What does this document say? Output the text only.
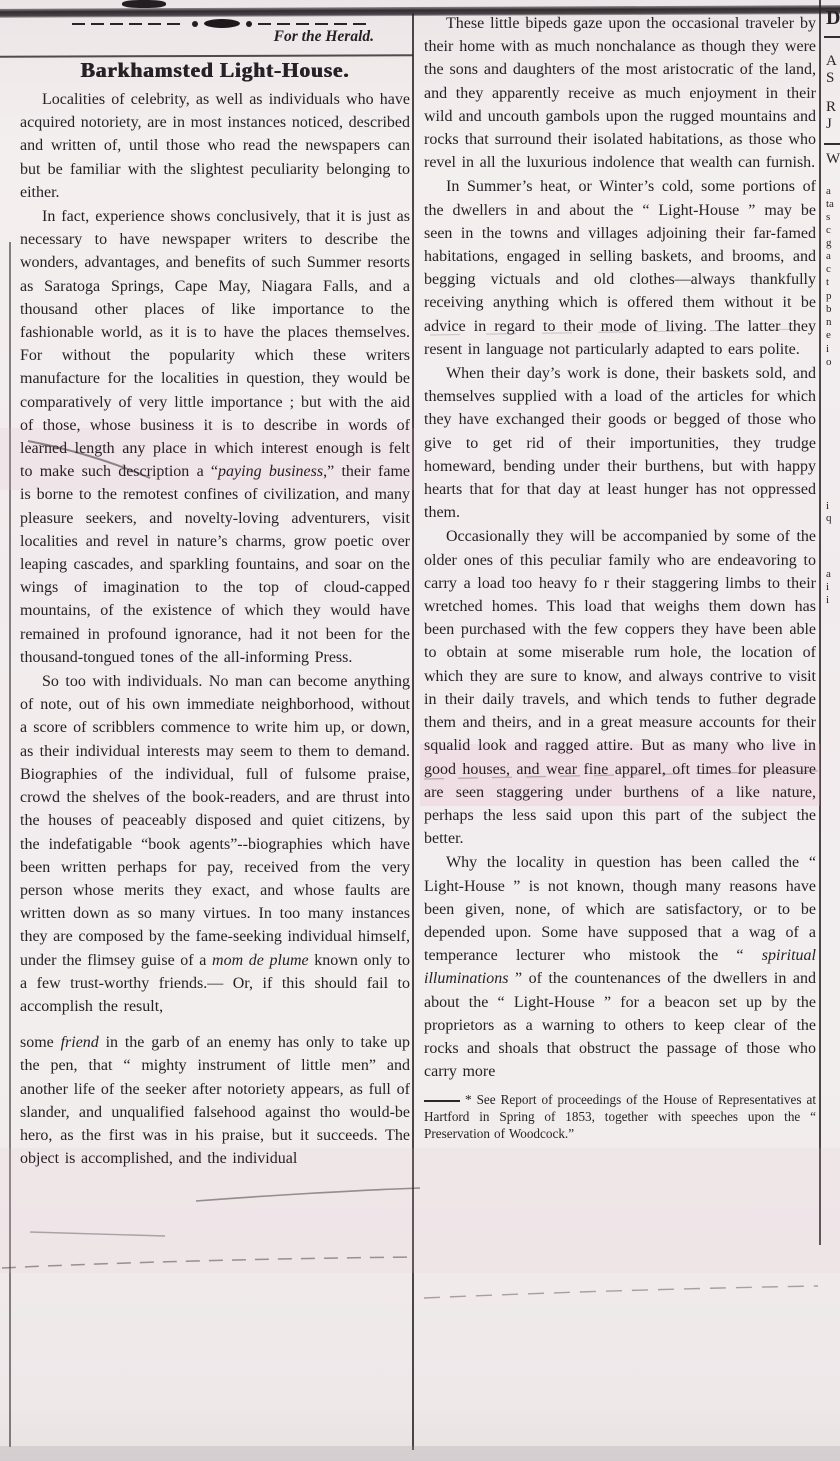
For the Herald.
Barkhamsted Light-House.

Localities of celebrity, as well as individuals who have acquired notoriety, are in most instances noticed, described and written of, until those who read the newspapers can but be familiar with the slightest peculiarity belonging to either.

In fact, experience shows conclusively, that it is just as necessary to have newspaper writers to describe the wonders, advantages, and benefits of such Summer resorts as Saratoga Springs, Cape May, Niagara Falls, and a thousand other places of like importance to the fashionable world, as it is to have the places themselves. For without the popularity which these writers manufacture for the localities in question, they would be comparatively of very little importance ; but with the aid of those, whose business it is to describe in words of learned length any place in which interest enough is felt to make such description a “paying business,” their fame is borne to the remotest confines of civilization, and many pleasure seekers, and novelty-loving adventurers, visit localities and revel in nature’s charms, grow poetic over leaping cascades, and sparkling fountains, and soar on the wings of imagination to the top of cloud-capped mountains, of the existence of which they would have remained in profound ignorance, had it not been for the thousand-tongued tones of the all-informing Press.

So too with individuals. No man can become anything of note, out of his own immediate neighborhood, without a score of scribblers commence to write him up, or down, as their individual interests may seem to them to demand. Biographies of the individual, full of fulsome praise, crowd the shelves of the book-readers, and are thrust into the houses of peaceably disposed and quiet citizens, by the indefatigable “book agents”--biographies which have been written perhaps for pay, received from the very person whose merits they exact, and whose faults are written down as so many virtues. In too many instances they are composed by the fame-seeking individual himself, under the flimsey guise of a mom de plume known only to a few trust-worthy friends.— Or, if this should fail to accomplish the result,

some friend in the garb of an enemy has only to take up the pen, that “ mighty instrument of little men” and another life of the seeker after notoriety appears, as full of slander, and unqualified falsehood against tho would-be hero, as the first was in his praise, but it succeeds. The object is accomplished, and the individual

These little bipeds gaze upon the occasional traveler by their home with as much nonchalance as though they were the sons and daughters of the most aristocratic of the land, and they apparently receive as much enjoyment in their wild and uncouth gambols upon the rugged mountains and rocks that surround their isolated habitations, as those who revel in all the luxurious indolence that wealth can furnish.

In Summer’s heat, or Winter’s cold, some portions of the dwellers in and about the “ Light-House ” may be seen in the towns and villages adjoining their far-famed habitations, engaged in selling baskets, and brooms, and begging victuals and old clothes—always thankfully receiving anything which is offered them without it be advice in regard to their mode of living. The latter they resent in language not particularly adapted to ears polite.

When their day’s work is done, their baskets sold, and themselves supplied with a load of the articles for which they have exchanged their goods or begged of those who give to get rid of their importunities, they trudge homeward, bending under their burthens, but with happy hearts that for that day at least hunger has not oppressed them.

Occasionally they will be accompanied by some of the older ones of this peculiar family who are endeavoring to carry a load too heavy fo r their staggering limbs to their wretched homes. This load that weighs them down has been purchased with the few coppers they have been able to obtain at some miserable rum hole, the location of which they are sure to know, and always contrive to visit in their daily travels, and which tends to futher degrade them and theirs, and in a great measure accounts for their squalid look and ragged attire. But as many who live in good houses, and wear fine apparel, oft times for pleasure are seen staggering under burthens of a like nature, perhaps the less said upon this part of the subject the better.

Why the locality in question has been called the “ Light-House ” is not known, though many reasons have been given, none, of which are satisfactory, or to be depended upon. Some have supposed that a wag of a temperance lecturer who mistook the “ spiritual illuminations ” of the countenances of the dwellers in and about the “ Light-House ” for a beacon set up by the proprietors as a warning to others to keep clear of the rocks and shoals that obstruct the passage of those who carry more

* See Report of proceedings of the House of Representatives at Hartford in Spring of 1853, together with speeches upon the “ Preservation of Woodcock.”
D
A
S
R
J
W
a
ta
s
c
g
a
c
t
p
b
n
e
i
o
i
q
a
i
i
